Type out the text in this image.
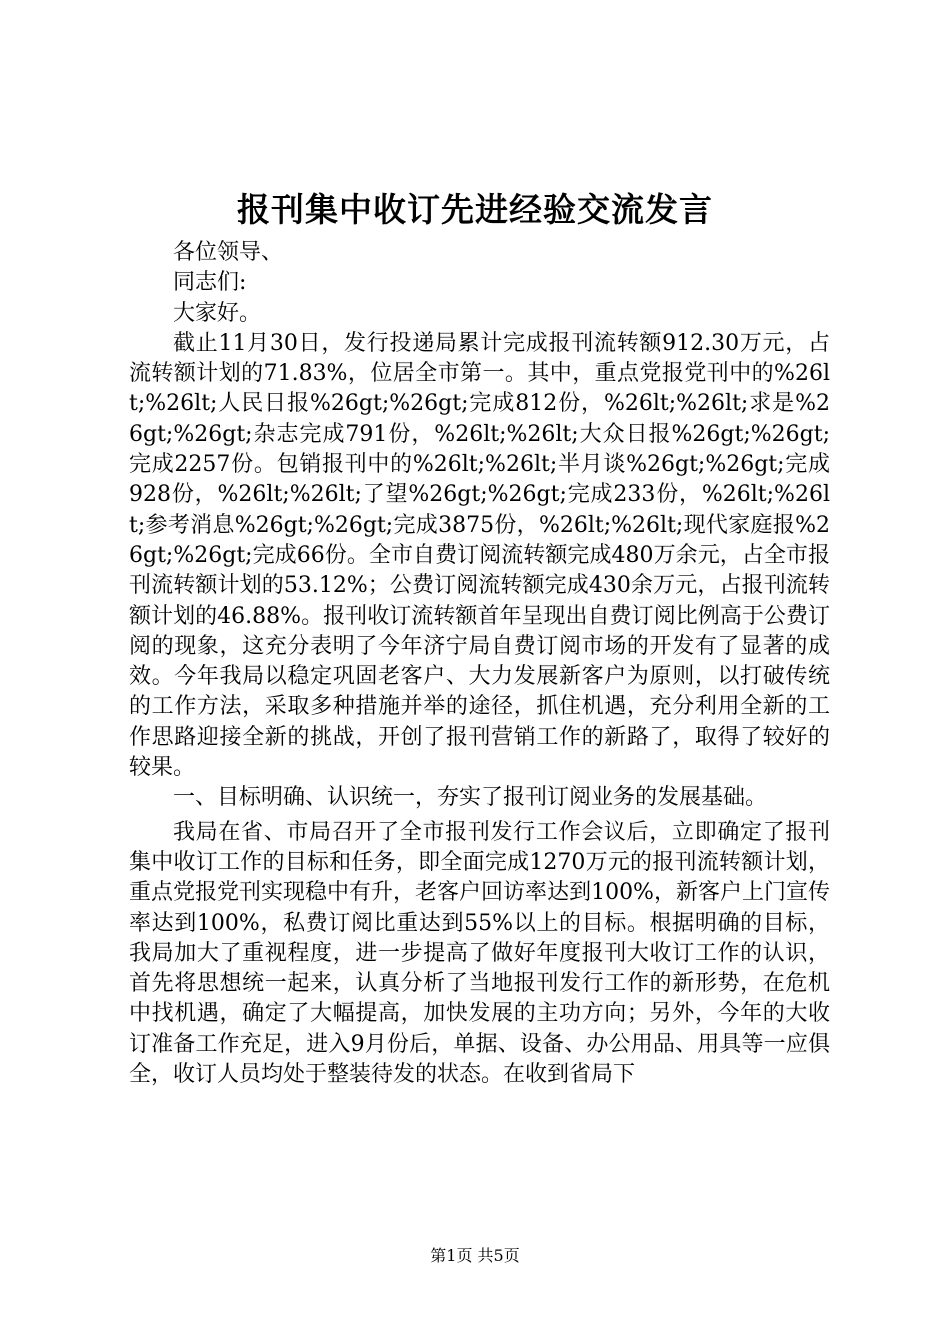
报刊集中收订先进经验交流发言

各位领导、

同志们:

大家好。

截止11月30日，发行投递局累计完成报刊流转额912.30万元，占流转额计划的71.83%，位居全市第一。其中，重点党报党刊中的%26lt;%26lt;人民日报%26gt;%26gt;完成812份，%26lt;%26lt;求是%26gt;%26gt;杂志完成791份，%26lt;%26lt;大众日报%26gt;%26gt;完成2257份。包销报刊中的%26lt;%26lt;半月谈%26gt;%26gt;完成928份，%26lt;%26lt;了望%26gt;%26gt;完成233份，%26lt;%26lt;参考消息%26gt;%26gt;完成3875份，%26lt;%26lt;现代家庭报%26gt;%26gt;完成66份。全市自费订阅流转额完成480万余元，占全市报刊流转额计划的53.12%；公费订阅流转额完成430余万元，占报刊流转额计划的46.88%。报刊收订流转额首年呈现出自费订阅比例高于公费订阅的现象，这充分表明了今年济宁局自费订阅市场的开发有了显著的成效。今年我局以稳定巩固老客户、大力发展新客户为原则，以打破传统的工作方法，采取多种措施并举的途径，抓住机遇，充分利用全新的工作思路迎接全新的挑战，开创了报刊营销工作的新路了，取得了较好的较果。

一、目标明确、认识统一，夯实了报刊订阅业务的发展基础。

我局在省、市局召开了全市报刊发行工作会议后，立即确定了报刊集中收订工作的目标和任务，即全面完成1270万元的报刊流转额计划，重点党报党刊实现稳中有升，老客户回访率达到100%，新客户上门宣传率达到100%，私费订阅比重达到55%以上的目标。根据明确的目标，我局加大了重视程度，进一步提高了做好年度报刊大收订工作的认识，首先将思想统一起来，认真分析了当地报刊发行工作的新形势，在危机中找机遇，确定了大幅提高，加快发展的主功方向；另外，今年的大收订准备工作充足，进入9月份后，单据、设备、办公用品、用具等一应俱全，收订人员均处于整装待发的状态。在收到省局下

第1页 共5页
